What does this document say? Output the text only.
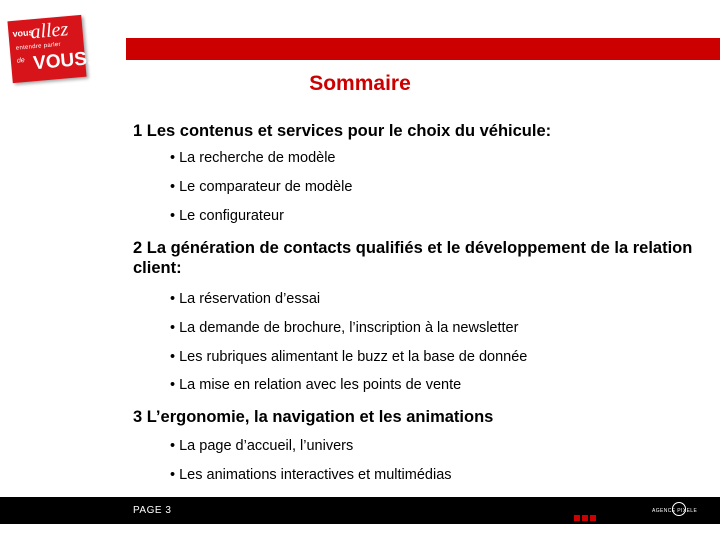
vous
allez
entendre parler
de VOUS.
Sommaire
1 Les contenus et services pour le choix du véhicule:
• La recherche de modèle
• Le comparateur de modèle
• Le configurateur
2 La génération de contacts qualifiés et le développement de la relation client:
• La réservation d’essai
• La demande de brochure, l’inscription à la newsletter
• Les rubriques alimentant le buzz et la base de donnée
• La mise en relation avec les points de vente
3 L’ergonomie, la navigation et les animations
• La page d’accueil, l’univers
• Les animations interactives et multimédias
PAGE 3	AGENCE PIXELE
